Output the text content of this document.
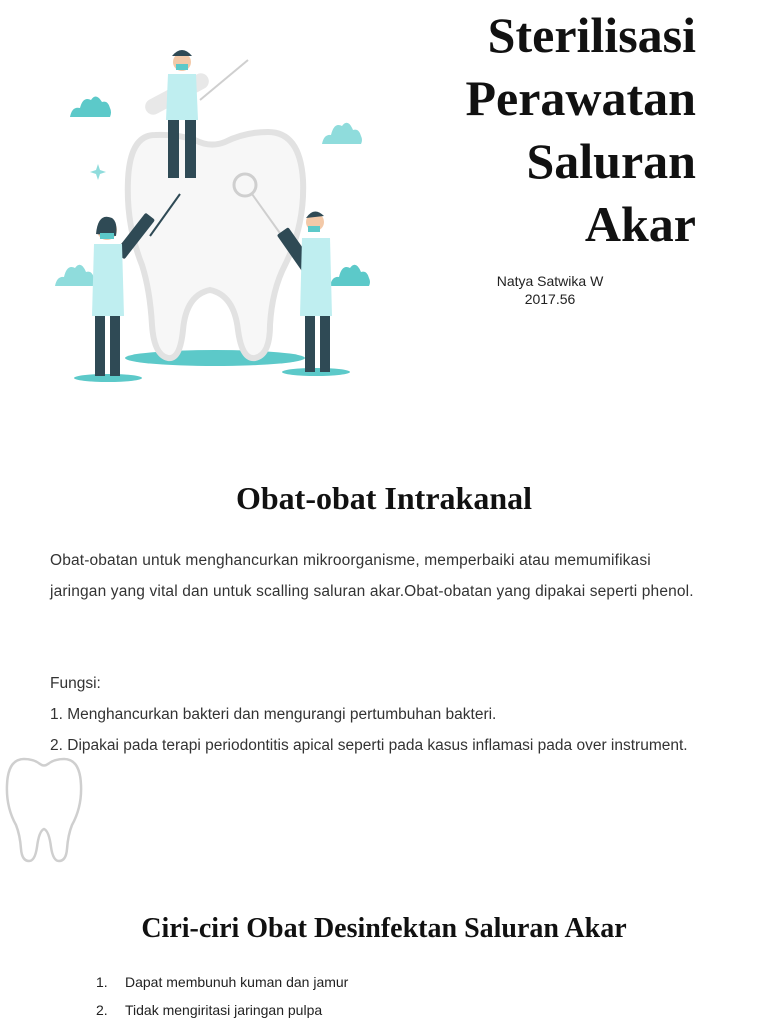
Sterilisasi
Perawatan
Saluran
Akar
Natya Satwika W
2017.56
Obat-obat Intrakanal
Obat-obatan untuk menghancurkan mikroorganisme, memperbaiki atau memumifikasi jaringan yang vital dan untuk scalling saluran akar.Obat-obatan yang dipakai seperti phenol.
Fungsi:
1. Menghancurkan bakteri dan mengurangi pertumbuhan bakteri.
2. Dipakai pada terapi periodontitis apical seperti pada kasus inflamasi pada over instrument.
Ciri-ciri Obat Desinfektan Saluran Akar
1. Dapat membunuh kuman dan jamur
2. Tidak mengiritasi jaringan pulpa
